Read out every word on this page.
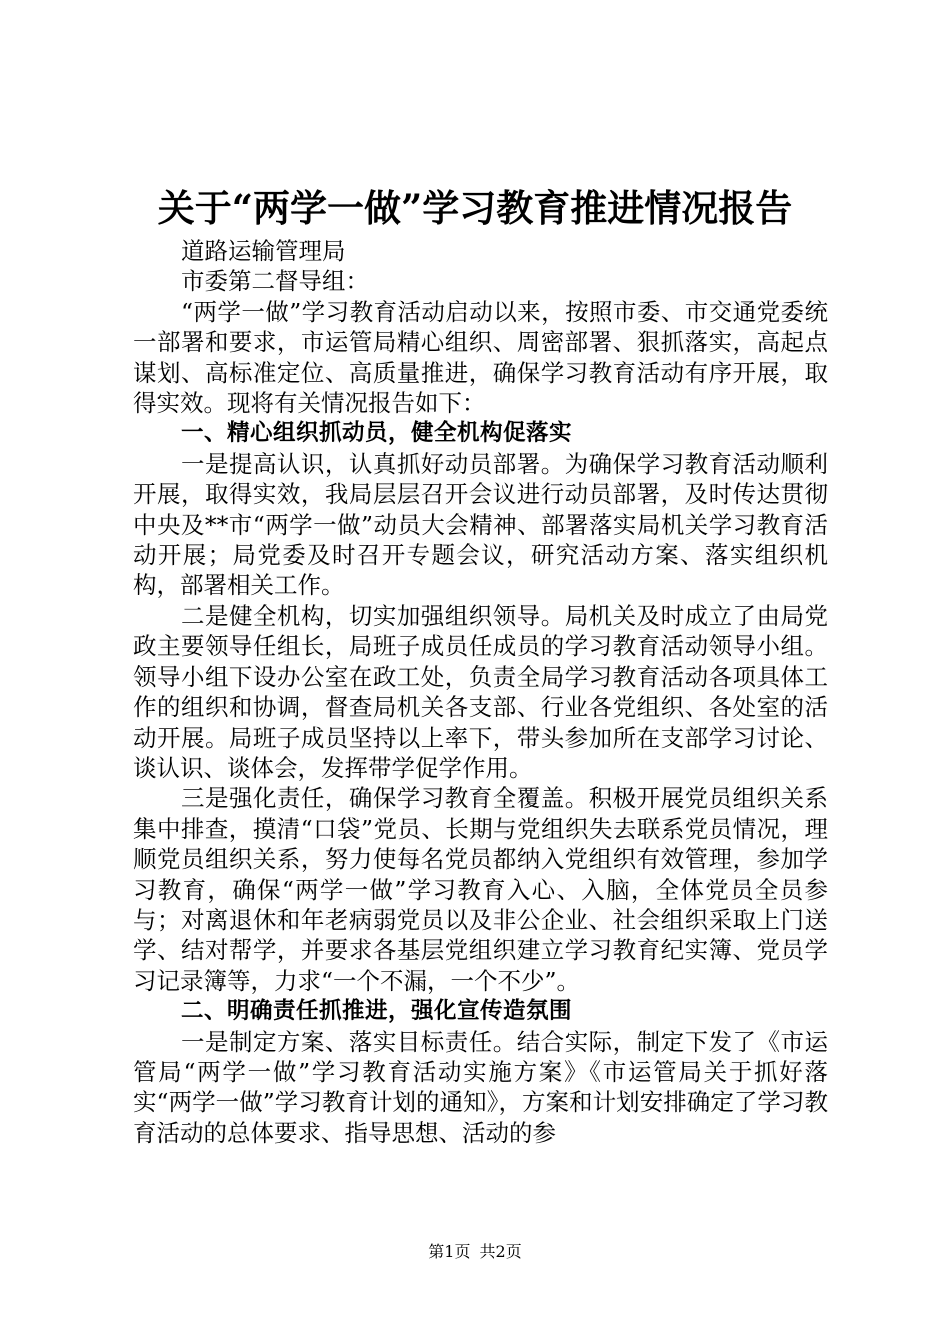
关于“两学一做”学习教育推进情况报告

道路运输管理局

市委第二督导组：

“两学一做”学习教育活动启动以来，按照市委、市交通党委统一部署和要求，市运管局精心组织、周密部署、狠抓落实，高起点谋划、高标准定位、高质量推进，确保学习教育活动有序开展，取得实效。现将有关情况报告如下：

一、精心组织抓动员，健全机构促落实

一是提高认识，认真抓好动员部署。为确保学习教育活动顺利开展，取得实效，我局层层召开会议进行动员部署，及时传达贯彻中央及**市“两学一做”动员大会精神、部署落实局机关学习教育活动开展；局党委及时召开专题会议，研究活动方案、落实组织机构，部署相关工作。

二是健全机构，切实加强组织领导。局机关及时成立了由局党政主要领导任组长，局班子成员任成员的学习教育活动领导小组。领导小组下设办公室在政工处，负责全局学习教育活动各项具体工作的组织和协调，督查局机关各支部、行业各党组织、各处室的活动开展。局班子成员坚持以上率下，带头参加所在支部学习讨论、谈认识、谈体会，发挥带学促学作用。

三是强化责任，确保学习教育全覆盖。积极开展党员组织关系集中排查，摸清“口袋”党员、长期与党组织失去联系党员情况，理顺党员组织关系，努力使每名党员都纳入党组织有效管理，参加学习教育，确保“两学一做”学习教育入心、入脑，全体党员全员参与；对离退休和年老病弱党员以及非公企业、社会组织采取上门送学、结对帮学，并要求各基层党组织建立学习教育纪实簿、党员学习记录簿等，力求“一个不漏，一个不少”。

二、明确责任抓推进，强化宣传造氛围

一是制定方案、落实目标责任。结合实际，制定下发了《市运管局“两学一做”学习教育活动实施方案》《市运管局关于抓好落实“两学一做”学习教育计划的通知》，方案和计划安排确定了学习教育活动的总体要求、指导思想、活动的参

第1页 共2页
